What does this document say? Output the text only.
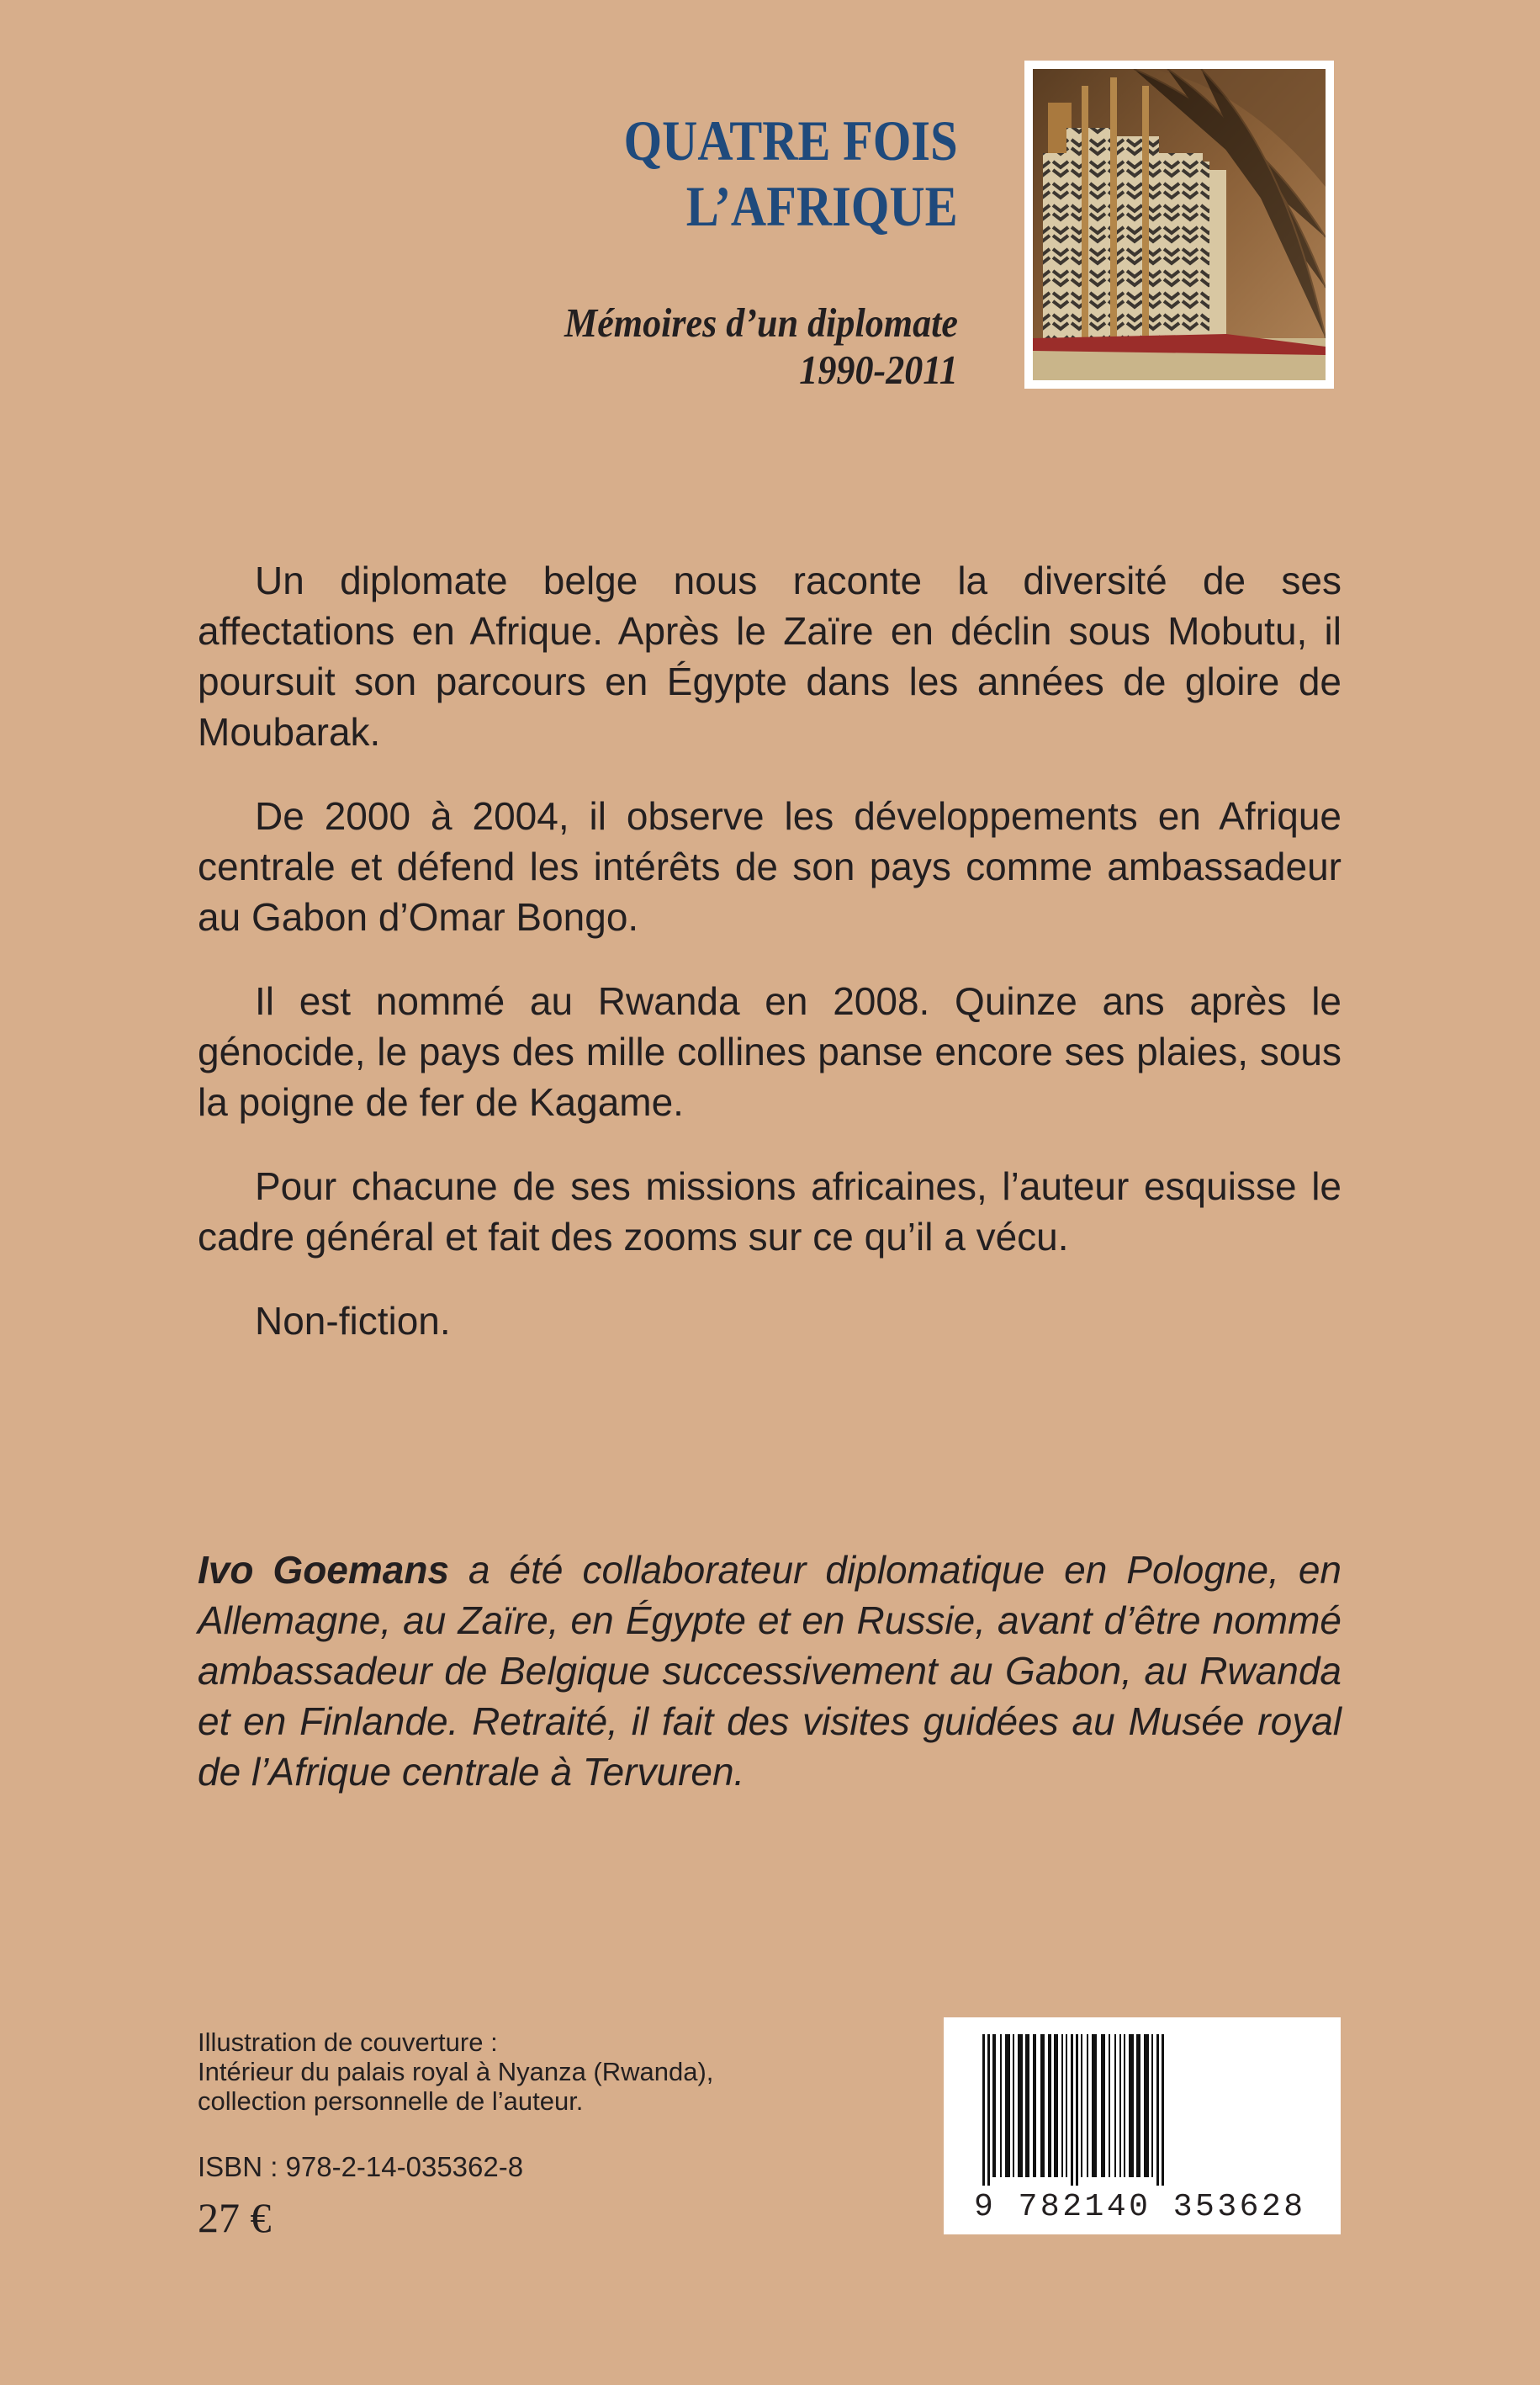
QUATRE FOIS
L’AFRIQUE
Mémoires d’un diplomate
1990-2011

Un diplomate belge nous raconte la diversité de ses affectations en Afrique. Après le Zaïre en déclin sous Mobutu, il poursuit son parcours en Égypte dans les années de gloire de Moubarak.

De 2000 à 2004, il observe les développements en Afrique centrale et défend les intérêts de son pays comme ambassadeur au Gabon d’Omar Bongo.

Il est nommé au Rwanda en 2008. Quinze ans après le génocide, le pays des mille collines panse encore ses plaies, sous la poigne de fer de Kagame.

Pour chacune de ses missions africaines, l’auteur esquisse le cadre général et fait des zooms sur ce qu’il a vécu.

Non-fiction.

Ivo Goemans a été collaborateur diplomatique en Pologne, en Allemagne, au Zaïre, en Égypte et en Russie, avant d’être nommé ambassadeur de Belgique successivement au Gabon, au Rwanda et en Finlande. Retraité, il fait des visites guidées au Musée royal de l’Afrique centrale à Tervuren.

Illustration de couverture :
Intérieur du palais royal à Nyanza (Rwanda),
collection personnelle de l’auteur.
ISBN : 978-2-14-035362-8
27 €	9 782140 353628
